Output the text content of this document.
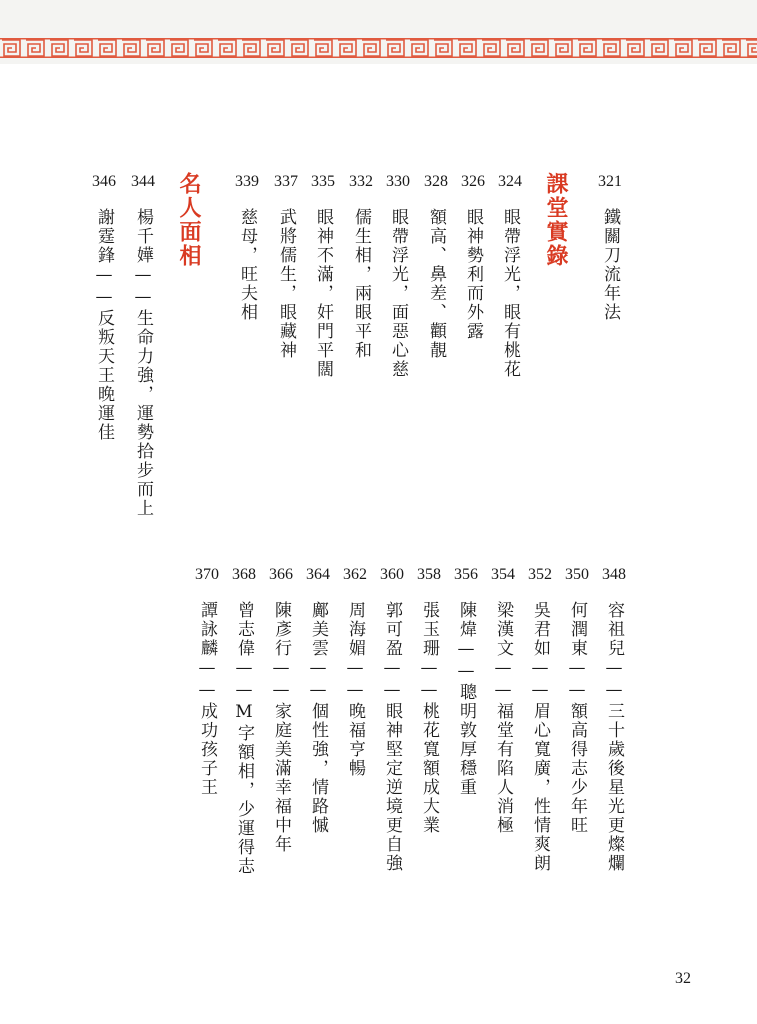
321
鐵關刀流年法
課堂實錄
324
眼帶浮光，眼有桃花
326
眼神勢利而外露
328
額高、鼻差、顴靚
330
眼帶浮光，面惡心慈
332
儒生相，兩眼平和
335
眼神不滿，奸門平闊
337
武將儒生，眼藏神
339
慈母，旺夫相
名人面相
344
楊千嬅——生命力強，運勢拾步而上
346
謝霆鋒——反叛天王晚運佳
348
容祖兒——三十歲後星光更燦爛
350
何潤東——額高得志少年旺
352
吳君如——眉心寬廣，性情爽朗
354
梁漢文——福堂有陷人消極
356
陳煒——聰明敦厚穩重
358
張玉珊——桃花寬額成大業
360
郭可盈——眼神堅定逆境更自強
362
周海媚——晚福亨暢
364
鄺美雲——個性強，情路慽
366
陳彥行——家庭美滿幸福中年
368
曾志偉——M字額相，少運得志
370
譚詠麟——成功孩子王
32
